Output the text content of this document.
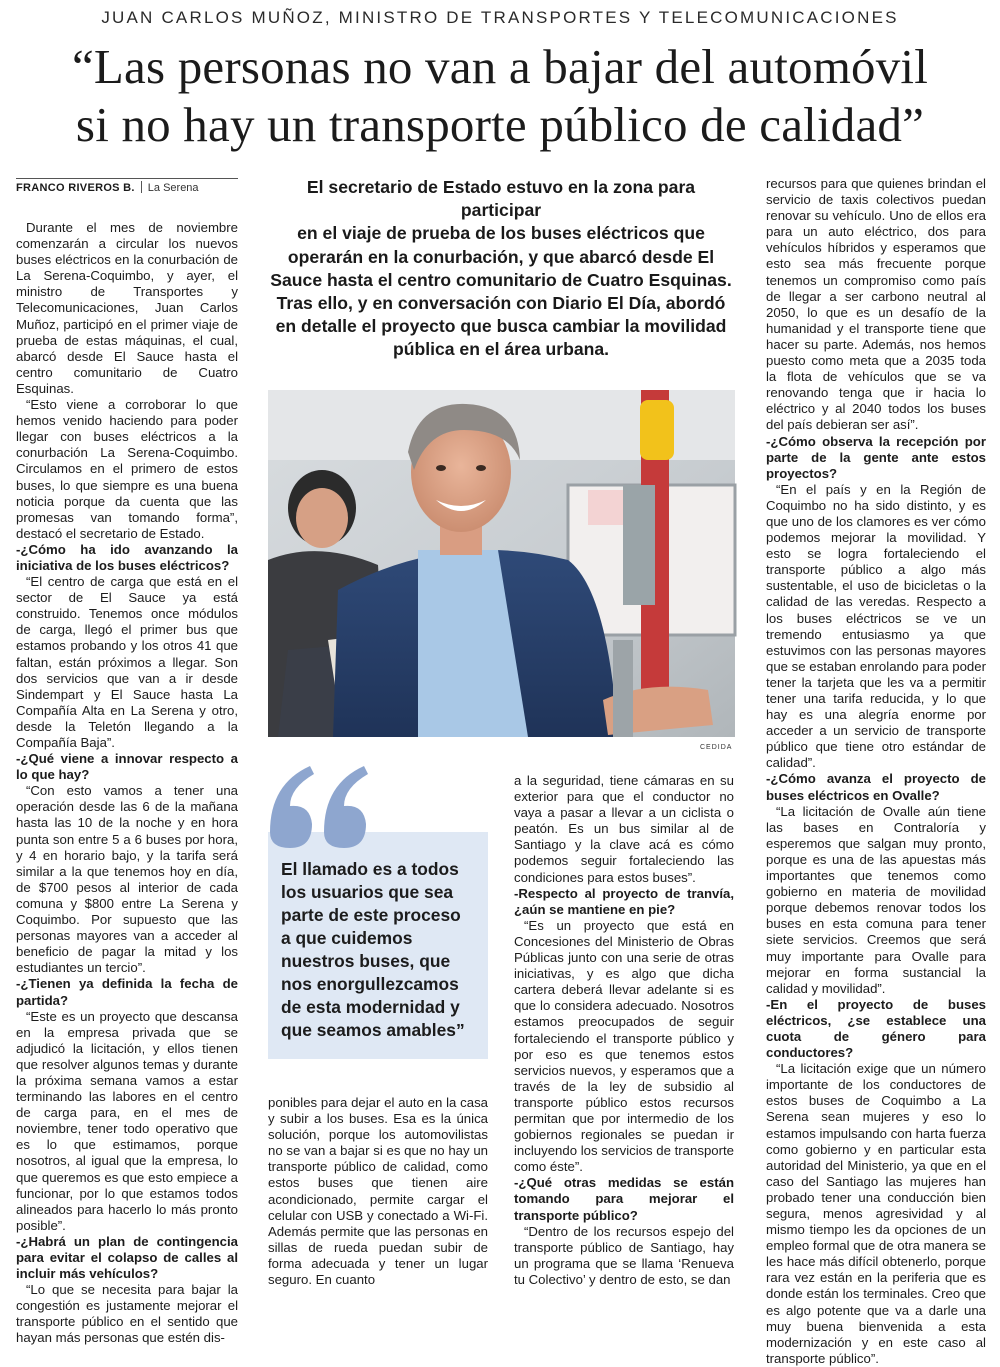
JUAN CARLOS MUÑOZ, MINISTRO DE TRANSPORTES Y TELECOMUNICACIONES
“Las personas no van a bajar del automóvil
si no hay un transporte público de calidad”
FRANCO RIVEROS B. La Serena

Durante el mes de noviembre comenzarán a circular los nuevos buses eléctricos en la conurbación de La Serena-Coquimbo, y ayer, el ministro de Transportes y Telecomunicaciones, Juan Carlos Muñoz, participó en el primer viaje de prueba de estas máquinas, el cual, abarcó desde El Sauce hasta el centro comunitario de Cuatro Esquinas.

“Esto viene a corroborar lo que hemos venido haciendo para poder llegar con buses eléctricos a la conurbación La Serena-Coquimbo. Circulamos en el primero de estos buses, lo que siempre es una buena noticia porque da cuenta que las promesas van tomando forma”, destacó el secretario de Estado.

-¿Cómo ha ido avanzando la iniciativa de los buses eléctricos?

“El centro de carga que está en el sector de El Sauce ya está construido. Tenemos once módulos de carga, llegó el primer bus que estamos probando y los otros 41 que faltan, están próximos a llegar. Son dos servicios que van a ir desde Sindempart y El Sauce hasta La Compañía Alta en La Serena y otro, desde la Teletón llegando a la Compañía Baja”.

-¿Qué viene a innovar respecto a lo que hay?

“Con esto vamos a tener una operación desde las 6 de la mañana hasta las 10 de la noche y en hora punta son entre 5 a 6 buses por hora, y 4 en horario bajo, y la tarifa será similar a la que tenemos hoy en día, de $700 pesos al interior de cada comuna y $800 entre La Serena y Coquimbo. Por supuesto que las personas mayores van a acceder al beneficio de pagar la mitad y los estudiantes un tercio”.

-¿Tienen ya definida la fecha de partida?

“Este es un proyecto que descansa en la empresa privada que se adjudicó la licitación, y ellos tienen que resolver algunos temas y durante la próxima semana vamos a estar terminando las labores en el centro de carga para, en el mes de noviembre, tener todo operativo que es lo que estimamos, porque nosotros, al igual que la empresa, lo que queremos es que esto empiece a funcionar, por lo que estamos todos alineados para hacerlo lo más pronto posible”.

-¿Habrá un plan de contingencia para evitar el colapso de calles al incluir más vehículos?

“Lo que se necesita para bajar la congestión es justamente mejorar el transporte público en el sentido que hayan más personas que estén dis-

El secretario de Estado estuvo en la zona para participar
en el viaje de prueba de los buses eléctricos que
operarán en la conurbación, y que abarcó desde El
Sauce hasta el centro comunitario de Cuatro Esquinas.
Tras ello, y en conversación con Diario El Día, abordó
en detalle el proyecto que busca cambiar la movilidad
pública en el área urbana.
CEDIDA
El llamado es a todos
los usuarios que sea
parte de este proceso
a que cuidemos
nuestros buses, que
nos enorgullezcamos
de esta modernidad y
que seamos amables”

ponibles para dejar el auto en la casa y subir a los buses. Esa es la única solución, porque los automovilistas no se van a bajar si es que no hay un transporte público de calidad, como estos buses que tienen aire acondicionado, permite cargar el celular con USB y conectado a Wi-Fi. Además permite que las personas en sillas de rueda puedan subir de forma adecuada y tener un lugar seguro. En cuanto

a la seguridad, tiene cámaras en su exterior para que el conductor no vaya a pasar a llevar a un ciclista o peatón. Es un bus similar al de Santiago y la clave acá es cómo podemos seguir fortaleciendo las condiciones para estos buses”.

-Respecto al proyecto de tranvía, ¿aún se mantiene en pie?

“Es un proyecto que está en Concesiones del Ministerio de Obras Públicas junto con una serie de otras iniciativas, y es algo que dicha cartera deberá llevar adelante si es que lo considera adecuado. Nosotros estamos preocupados de seguir fortaleciendo el transporte público y por eso es que tenemos estos servicios nuevos, y esperamos que a través de la ley de subsidio al transporte público estos recursos permitan que por intermedio de los gobiernos regionales se puedan ir incluyendo los servicios de transporte como éste”.

-¿Qué otras medidas se están tomando para mejorar el transporte público?

“Dentro de los recursos espejo del transporte público de Santiago, hay un programa que se llama ‘Renueva tu Colectivo’ y dentro de esto, se dan

recursos para que quienes brindan el servicio de taxis colectivos puedan renovar su vehículo. Uno de ellos era para un auto eléctrico, dos para vehículos híbridos y esperamos que esto sea más frecuente porque tenemos un compromiso como país de llegar a ser carbono neutral al 2050, lo que es un desafío de la humanidad y el transporte tiene que hacer su parte. Además, nos hemos puesto como meta que a 2035 toda la flota de vehículos que se va renovando tenga que ir hacia lo eléctrico y al 2040 todos los buses del país debieran ser así”.

-¿Cómo observa la recepción por parte de la gente ante estos proyectos?

“En el país y en la Región de Coquimbo no ha sido distinto, y es que uno de los clamores es ver cómo podemos mejorar la movilidad. Y esto se logra fortaleciendo el transporte público a algo más sustentable, el uso de bicicletas o la calidad de las veredas. Respecto a los buses eléctricos se ve un tremendo entusiasmo ya que estuvimos con las personas mayores que se estaban enrolando para poder tener la tarjeta que les va a permitir tener una tarifa reducida, y lo que hay es una alegría enorme por acceder a un servicio de transporte público que tiene otro estándar de calidad”.

-¿Cómo avanza el proyecto de buses eléctricos en Ovalle?

“La licitación de Ovalle aún tiene las bases en Contraloría y esperemos que salgan muy pronto, porque es una de las apuestas más importantes que tenemos como gobierno en materia de movilidad porque debemos renovar todos los buses en esta comuna para tener siete servicios. Creemos que será muy importante para Ovalle para mejorar en forma sustancial la calidad y movilidad”.

-En el proyecto de buses eléctricos, ¿se establece una cuota de género para conductores?

“La licitación exige que un número importante de los conductores de estos buses de Coquimbo a La Serena sean mujeres y eso lo estamos impulsando con harta fuerza como gobierno y en particular esta autoridad del Ministerio, ya que en el caso del Santiago las mujeres han probado tener una conducción bien segura, menos agresividad y al mismo tiempo les da opciones de un empleo formal que de otra manera se les hace más difícil obtenerlo, porque rara vez están en la periferia que es donde están los terminales. Creo que es algo potente que va a darle una muy buena bienvenida a esta modernización y en este caso al transporte público”.
